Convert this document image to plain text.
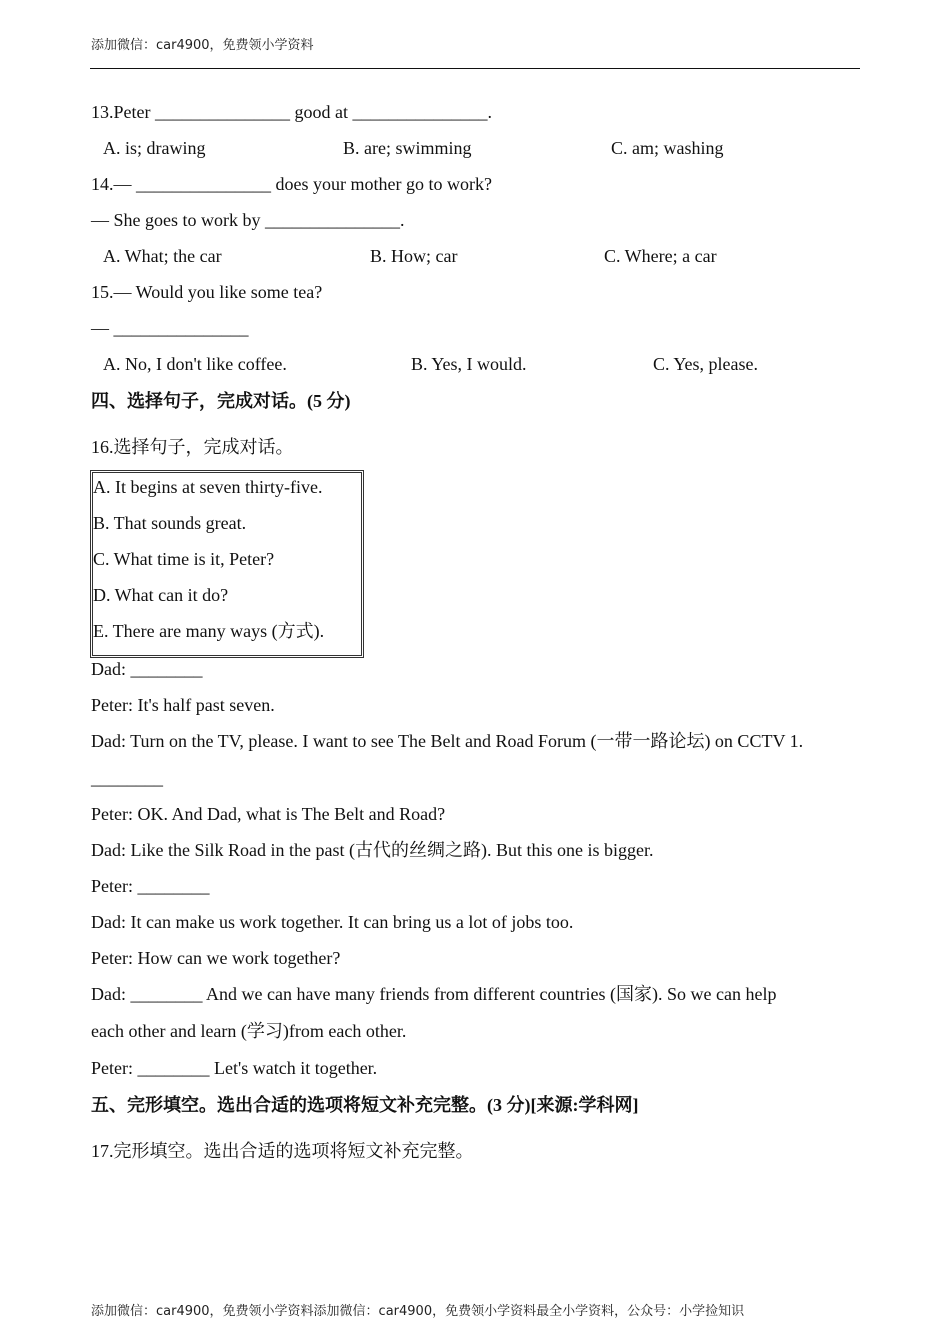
添加微信：car4900，免费领小学资料
13.Peter _______________ good at _______________.
A. is; drawing	B. are; swimming	C. am; washing
14.— _______________ does your mother go to work?
— She goes to work by _______________.
A. What; the car	B. How; car	C. Where; a car
15.— Would you like some tea?
— _______________
A. No, I don't like coffee.	B. Yes, I would.	C. Yes, please.
四、选择句子，完成对话。(5 分)
16.选择句子，完成对话。
A. It begins at seven thirty-five.
B. That sounds great.
C. What time is it, Peter?
D. What can it do?
E. There are many ways (方式).
Dad: ________
Peter: It's half past seven.
Dad: Turn on the TV, please. I want to see The Belt and Road Forum (一带一路论坛) on CCTV 1.
________
Peter: OK. And Dad, what is The Belt and Road?
Dad: Like the Silk Road in the past (古代的丝绸之路). But this one is bigger.
Peter: ________
Dad: It can make us work together. It can bring us a lot of jobs too.
Peter: How can we work together?
Dad: ________ And we can have many friends from different countries (国家). So we can help
each other and learn (学习)from each other.
Peter: ________ Let's watch it together.
五、完形填空。选出合适的选项将短文补充完整。(3 分)[来源:学科网]
17.完形填空。选出合适的选项将短文补充完整。
添加微信：car4900，免费领小学资料添加微信：car4900，免费领小学资料最全小学资料，公众号：小学捡知识
